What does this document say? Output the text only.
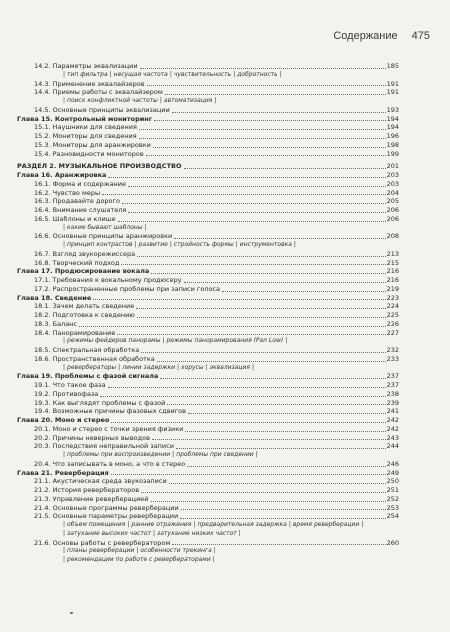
Содержание 475
14.2. Параметры эквализации	185
| тип фильтра | несущая частота | чувствительность | добротность |
14.3. Применение эквалайзеров	191
14.4. Приемы работы с эквалайзером	191
| поиск конфликтной частоты | автоматизация |
14.5. Основные принципы эквализации	193
Глава 15. Контрольный мониторинг	194
15.1. Наушники для сведения	194
15.2. Мониторы для сведения	196
15.3. Мониторы для аранжировки	198
15.4. Разновидности мониторов	199
РАЗДЕЛ 2. МУЗЫКАЛЬНОЕ ПРОИЗВОДСТВО	201
Глава 16. Аранжировка	203
16.1. Форма и содержание	203
16.2. Чувство меры	204
16.3. Продавайте дорого	205
16.4. Внимание слушателя	206
16.5. Шаблоны и клише	206
| какие бывают шаблоны |
16.6. Основные принципы аранжировки	208
| принцип контрастов | развитие | стройность формы | инструментовка |
16.7. Взгляд звукорежиссера	213
16.8. Творческий подход	215
Глава 17. Продюсирование вокала	216
17.1. Требования к вокальному продюсеру	216
17.2. Распространенные проблемы при записи голоса	219
Глава 18. Сведение	223
18.1. Зачем делать сведение	224
18.2. Подготовка к сведению	225
18.3. Баланс	226
18.4. Панорамирование	227
| режимы фейдеров панорамы | режимы панорамирования (Pan Low) |
18.5. Спектральная обработка	232
18.6. Пространственная обработка	233
| ревербераторы | линии задержки | хорусы | эквализация |
Глава 19. Проблемы с фазой сигнала	237
19.1. Что такое фаза	237
19.2. Противофаза	238
19.3. Как выглядят проблемы с фазой	239
19.4. Возможные причины фазовых сдвигов	241
Глава 20. Моно и стерео	242
20.1. Моно и стерео с точки зрения физики	242
20.2. Причины неверных выводов	243
20.3. Последствия неправильной записи	244
| проблемы при воспроизведении | проблемы при сведении |
20.4. Что записывать в моно, а что в стерео	246
Глава 21. Реверберация	249
21.1. Акустическая среда звукозаписи	250
21.2. История ревербераторов	251
21.3. Управление реверберацией	252
21.4. Основные программы реверберации	253
21.5. Основные параметры реверберации	254
| объем помещения | ранние отражения | предварительная задержка | время реверберации |
| затухание высоких частот | затухание низких частот |
21.6. Основы работы с ревербератором	260
| планы реверберации | особенности трекинга |
| рекомендации по работе с ревербераторами |
